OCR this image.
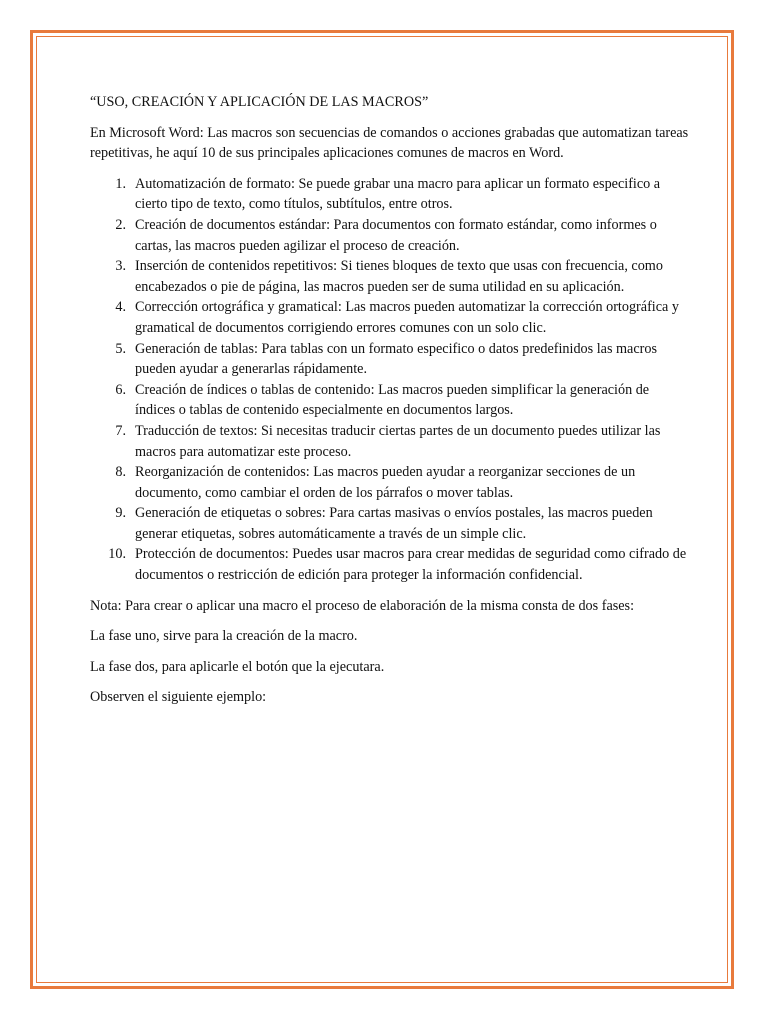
“USO, CREACIÓN Y APLICACIÓN DE LAS MACROS”

En Microsoft Word: Las macros son secuencias de comandos o acciones grabadas que automatizan tareas repetitivas, he aquí 10 de sus principales aplicaciones comunes de macros en Word.

1. Automatización de formato: Se puede grabar una macro para aplicar un formato especifico a cierto tipo de texto, como títulos, subtítulos, entre otros.
2. Creación de documentos estándar: Para documentos con formato estándar, como informes o cartas, las macros pueden agilizar el proceso de creación.
3. Inserción de contenidos repetitivos: Si tienes bloques de texto que usas con frecuencia, como encabezados o pie de página, las macros pueden ser de suma utilidad en su aplicación.
4. Corrección ortográfica y gramatical: Las macros pueden automatizar la corrección ortográfica y gramatical de documentos corrigiendo errores comunes con un solo clic.
5. Generación de tablas: Para tablas con un formato especifico o datos predefinidos las macros pueden ayudar a generarlas rápidamente.
6. Creación de índices o tablas de contenido: Las macros pueden simplificar la generación de índices o tablas de contenido especialmente en documentos largos.
7. Traducción de textos: Si necesitas traducir ciertas partes de un documento puedes utilizar las macros para automatizar este proceso.
8. Reorganización de contenidos: Las macros pueden ayudar a reorganizar secciones de un documento, como cambiar el orden de los párrafos o mover tablas.
9. Generación de etiquetas o sobres: Para cartas masivas o envíos postales, las macros pueden generar etiquetas, sobres automáticamente a través de un simple clic.
10. Protección de documentos: Puedes usar macros para crear medidas de seguridad como cifrado de documentos o restricción de edición para proteger la información confidencial.

Nota: Para crear o aplicar una macro el proceso de elaboración de la misma consta de dos fases:

La fase uno, sirve para la creación de la macro.

La fase dos, para aplicarle el botón que la ejecutara.

Observen el siguiente ejemplo:
